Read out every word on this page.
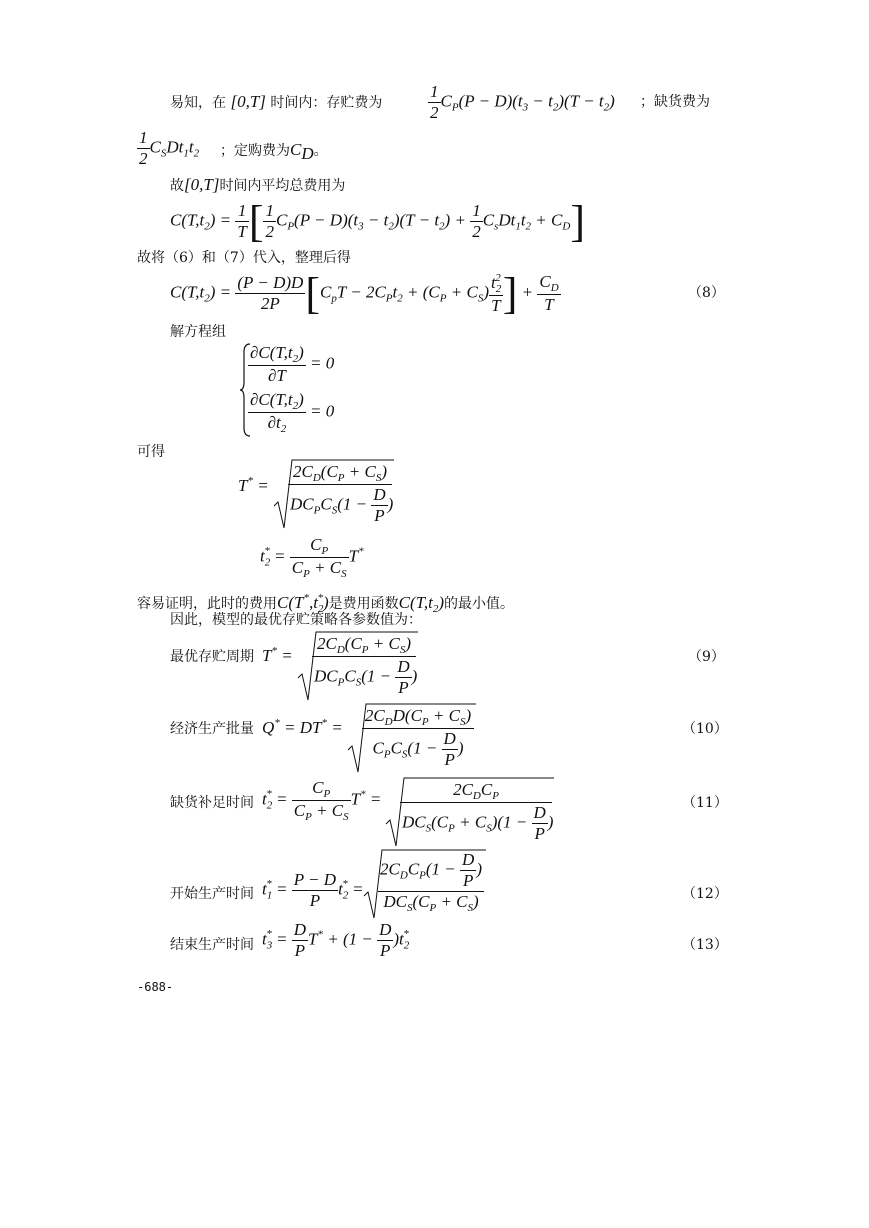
易知，在 [0,T] 时间内：存贮费为	$\frac{1}{2} C_P(P - D)(t_3 - t_2)(T - t_2)$ ；缺货费为
$\frac{1}{2} C_SDt_1t_2$ ；定购费为$C_D$。
故[0,T]时间内平均总费用为
$C(T,t_2) = \frac{1}{T}$ [ $\frac{1}{2} C_P(P - D)(t_3 - t_2)(T - t_2) + \frac{1}{2} C_sDt_1t_2 + C_D$]
故将（6）和（7）代入，整理后得
$C(T,t_2) = \frac{(P - D)D}{2P} [C_pT - 2C_Pt_2 + (C_P + C_S) \frac{t_2^2}{T}$ ] + $\frac{C_D}{T}$	（8）
解方程组
$\frac{\partial C(T,t_2)}{\partial T} = 0$
$\frac{\partial C(T,t_2)}{\partial t_2} = 0$
可得
$T^* = \frac{2C_D(C_P + C_S)}{DC_PC_S(1 - \frac{D}{P} )}$
$t_2^* = \frac{C_P}{C_P + C_S} T^*$
容易证明，此时的费用$C(T^*,t_2^*)$是费用函数$C(T,t_2)$的最小值。
因此，模型的最优存贮策略各参数值为：
最优存贮周期 $T^* = \frac{2C_D(C_P + C_S)}{DC_PC_S(1 - \frac{D}{P} )}$	（9）
经济生产批量 $Q^* = DT^* = \frac{2C_DD(C_P + C_S)}{C_PC_S(1 - \frac{D}{P} )}$	（10）
缺货补足时间 $t_2^* = \frac{C_P}{C_P + C_S} T^* = \frac{2C_DC_P}{DC_S(C_P + C_S)(1 - \frac{D}{P} )}$	（11）
开始生产时间 $t_1^* = \frac{P - D}{P} t_2^* = \frac{2C_DC_P(1 - \frac{D}{P} )}{DC_S(C_P + C_S)}$	（12）
结束生产时间 $t_3^* = \frac{D}{P} T^* + (1 - \frac{D}{P} )t_2^*$
（13）
-688-
